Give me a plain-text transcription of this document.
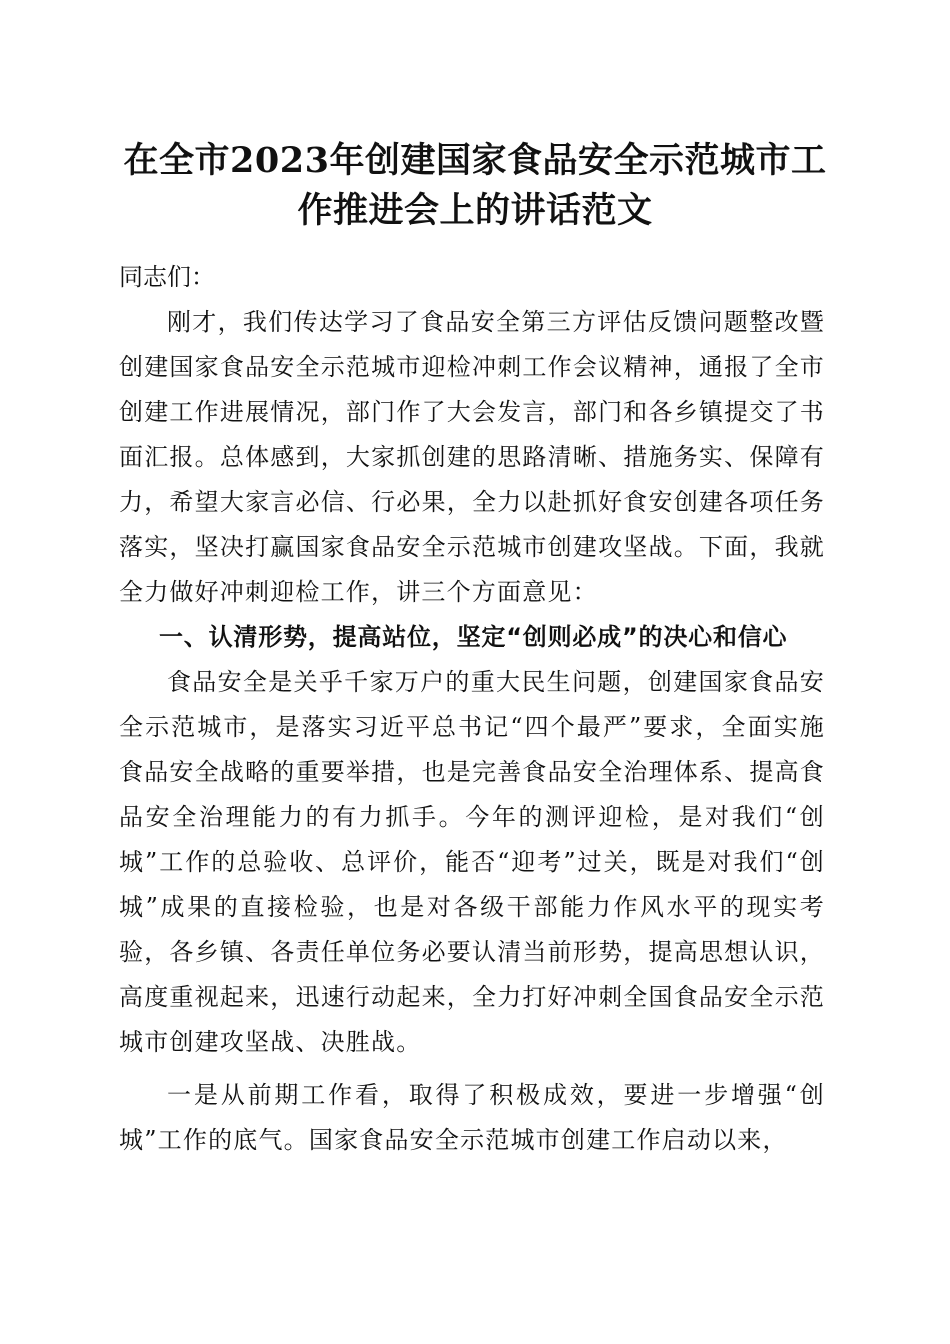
在全市2023年创建国家食品安全示范城市工作推进会上的讲话范文

同志们：

刚才，我们传达学习了食品安全第三方评估反馈问题整改暨创建国家食品安全示范城市迎检冲刺工作会议精神，通报了全市创建工作进展情况，部门作了大会发言，部门和各乡镇提交了书面汇报。总体感到，大家抓创建的思路清晰、措施务实、保障有力，希望大家言必信、行必果，全力以赴抓好食安创建各项任务落实，坚决打赢国家食品安全示范城市创建攻坚战。下面，我就全力做好冲刺迎检工作，讲三个方面意见：

一、认清形势，提高站位，坚定“创则必成”的决心和信心

食品安全是关乎千家万户的重大民生问题，创建国家食品安全示范城市，是落实习近平总书记“四个最严”要求，全面实施食品安全战略的重要举措，也是完善食品安全治理体系、提高食品安全治理能力的有力抓手。今年的测评迎检，是对我们“创城”工作的总验收、总评价，能否“迎考”过关，既是对我们“创城”成果的直接检验，也是对各级干部能力作风水平的现实考验，各乡镇、各责任单位务必要认清当前形势，提高思想认识，高度重视起来，迅速行动起来，全力打好冲刺全国食品安全示范城市创建攻坚战、决胜战。

一是从前期工作看，取得了积极成效，要进一步增强“创城”工作的底气。国家食品安全示范城市创建工作启动以来，
